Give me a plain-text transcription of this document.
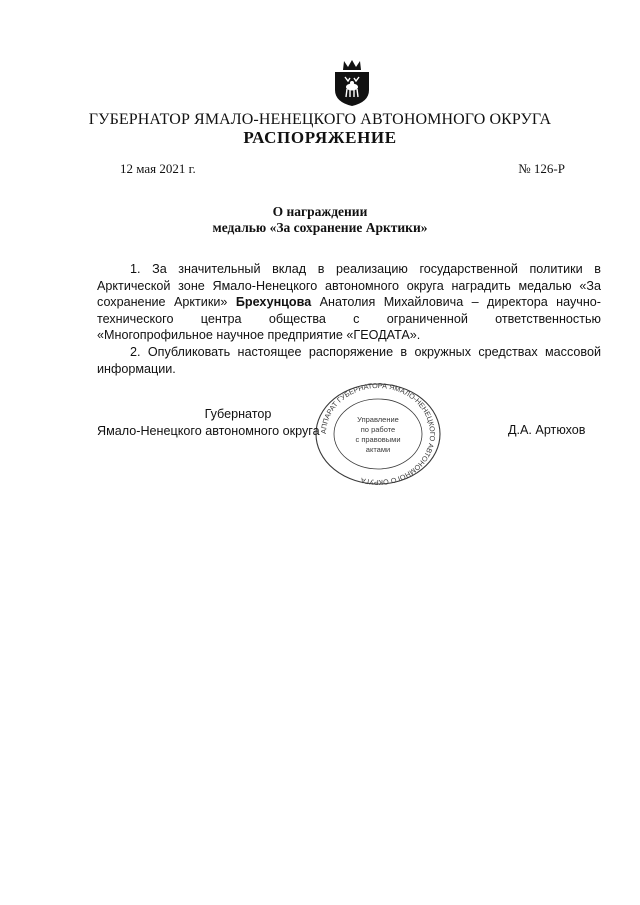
ГУБЕРНАТОР ЯМАЛО-НЕНЕЦКОГО АВТОНОМНОГО ОКРУГА
РАСПОРЯЖЕНИЕ
12 мая 2021 г.	№ 126-Р
О награждении
медалью «За сохранение Арктики»

1. За значительный вклад в реализацию государственной политики в Арктической зоне Ямало-Ненецкого автономного округа наградить медалью «За сохранение Арктики» Брехунцова Анатолия Михайловича – директора научно-технического центра общества с ограниченной ответственностью «Многопрофильное научное предприятие «ГЕОДАТА».

2. Опубликовать настоящее распоряжение в окружных средствах массовой информации.

АППАРАТ ГУБЕРНАТОРА ЯМАЛО-НЕНЕЦКОГО АВТОНОМНОГО ОКРУГА
Управление
по работе
с правовыми
актами
Губернатор
Ямало-Ненецкого автономного округа	Д.А. Артюхов
